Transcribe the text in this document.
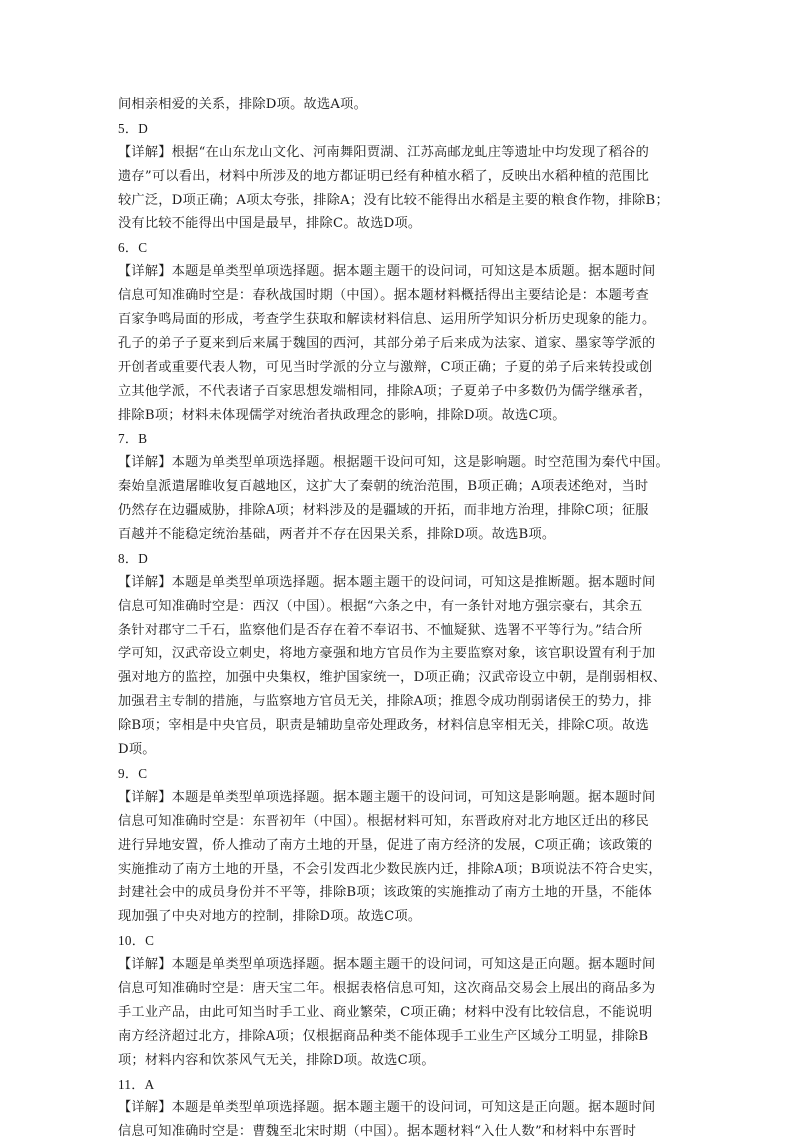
间相亲相爱的关系，排除D项。故选A项。
5．D
【详解】根据“在山东龙山文化、河南舞阳贾湖、江苏高邮龙虬庄等遗址中均发现了稻谷的
遗存”可以看出，材料中所涉及的地方都证明已经有种植水稻了，反映出水稻种植的范围比
较广泛，D项正确；A项太夸张，排除A；没有比较不能得出水稻是主要的粮食作物，排除B；
没有比较不能得出中国是最早，排除C。故选D项。
6．C
【详解】本题是单类型单项选择题。据本题主题干的设问词，可知这是本质题。据本题时间
信息可知准确时空是：春秋战国时期（中国）。据本题材料概括得出主要结论是：本题考查
百家争鸣局面的形成，考查学生获取和解读材料信息、运用所学知识分析历史现象的能力。
孔子的弟子子夏来到后来属于魏国的西河，其部分弟子后来成为法家、道家、墨家等学派的
开创者或重要代表人物，可见当时学派的分立与激辩，C项正确；子夏的弟子后来转投或创
立其他学派，不代表诸子百家思想发端相同，排除A项；子夏弟子中多数仍为儒学继承者，
排除B项；材料未体现儒学对统治者执政理念的影响，排除D项。故选C项。
7．B
【详解】本题为单类型单项选择题。根据题干设问可知，这是影响题。时空范围为秦代中国。
秦始皇派遣屠睢收复百越地区，这扩大了秦朝的统治范围，B项正确；A项表述绝对，当时
仍然存在边疆威胁，排除A项；材料涉及的是疆域的开拓，而非地方治理，排除C项；征服
百越并不能稳定统治基础，两者并不存在因果关系，排除D项。故选B项。
8．D
【详解】本题是单类型单项选择题。据本题主题干的设问词，可知这是推断题。据本题时间
信息可知准确时空是：西汉（中国）。根据“六条之中，有一条针对地方强宗豪右，其余五
条针对郡守二千石，监察他们是否存在着不奉诏书、不恤疑狱、选署不平等行为。”结合所
学可知，汉武帝设立刺史，将地方豪强和地方官员作为主要监察对象，该官职设置有利于加
强对地方的监控，加强中央集权，维护国家统一，D项正确；汉武帝设立中朝，是削弱相权、
加强君主专制的措施，与监察地方官员无关，排除A项；推恩令成功削弱诸侯王的势力，排
除B项；宰相是中央官员，职责是辅助皇帝处理政务，材料信息宰相无关，排除C项。故选
D项。
9．C
【详解】本题是单类型单项选择题。据本题主题干的设问词，可知这是影响题。据本题时间
信息可知准确时空是：东晋初年（中国）。根据材料可知，东晋政府对北方地区迁出的移民
进行异地安置，侨人推动了南方土地的开垦，促进了南方经济的发展，C项正确；该政策的
实施推动了南方土地的开垦，不会引发西北少数民族内迁，排除A项；B项说法不符合史实，
封建社会中的成员身份并不平等，排除B项；该政策的实施推动了南方土地的开垦，不能体
现加强了中央对地方的控制，排除D项。故选C项。
10．C
【详解】本题是单类型单项选择题。据本题主题干的设问词，可知这是正向题。据本题时间
信息可知准确时空是：唐天宝二年。根据表格信息可知，这次商品交易会上展出的商品多为
手工业产品，由此可知当时手工业、商业繁荣，C项正确；材料中没有比较信息，不能说明
南方经济超过北方，排除A项；仅根据商品种类不能体现手工业生产区域分工明显，排除B
项；材料内容和饮茶风气无关，排除D项。故选C项。
11．A
【详解】本题是单类型单项选择题。据本题主题干的设问词，可知这是正向题。据本题时间
信息可知准确时空是：曹魏至北宋时期（中国）。据本题材料“入仕人数”和材料中东晋时
